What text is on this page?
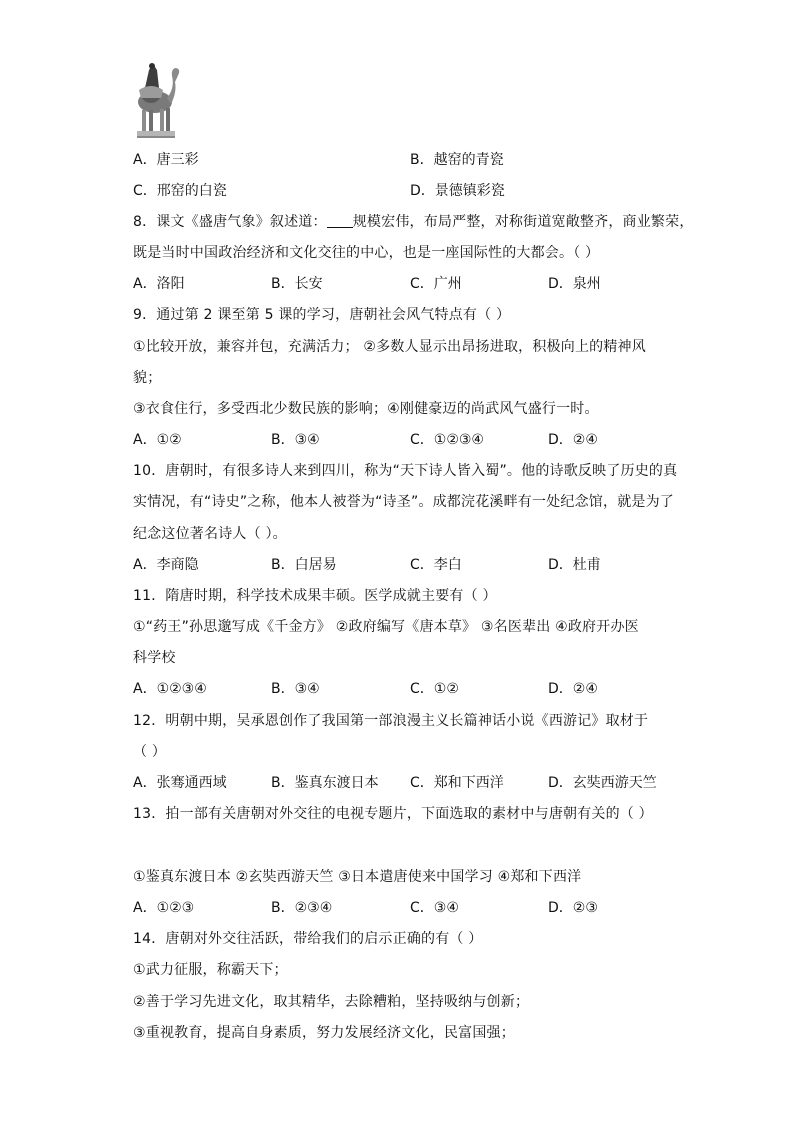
A．唐三彩	B．越窑的青瓷
C．邢窑的白瓷	D．景德镇彩瓷
8．课文《盛唐气象》叙述道： 规模宏伟，布局严整，对称街道宽敞整齐，商业繁荣，
既是当时中国政治经济和文化交往的中心，也是一座国际性的大都会。（ ）
A．洛阳	B．长安	C．广州	D．泉州
9．通过第 2 课至第 5 课的学习，唐朝社会风气特点有（ ）
①比较开放，兼容并包，充满活力； ②多数人显示出昂扬进取，积极向上的精神风
貌；
③衣食住行，多受西北少数民族的影响；④刚健豪迈的尚武风气盛行一时。
A．①②	B．③④	C．①②③④	D．②④
10．唐朝时，有很多诗人来到四川，称为“天下诗人皆入蜀”。他的诗歌反映了历史的真
实情况，有“诗史”之称，他本人被誉为“诗圣”。成都浣花溪畔有一处纪念馆，就是为了
纪念这位著名诗人（ ）。
A．李商隐	B．白居易	C．李白	D．杜甫
11．隋唐时期，科学技术成果丰硕。医学成就主要有（ ）
①“药王”孙思邈写成《千金方》 ②政府编写《唐本草》 ③名医辈出 ④政府开办医
科学校
A．①②③④	B．③④	C．①②	D．②④
12．明朝中期，吴承恩创作了我国第一部浪漫主义长篇神话小说《西游记》取材于
（ ）
A．张骞通西域	B．鉴真东渡日本 C．郑和下西洋	D．玄奘西游天竺
13．拍一部有关唐朝对外交往的电视专题片，下面选取的素材中与唐朝有关的（ ）
①鉴真东渡日本 ②玄奘西游天竺 ③日本遣唐使来中国学习 ④郑和下西洋
A．①②③	B．②③④	C．③④	D．②③
14．唐朝对外交往活跃，带给我们的启示正确的有（ ）
①武力征服，称霸天下；
②善于学习先进文化，取其精华，去除糟粕，坚持吸纳与创新；
③重视教育，提高自身素质，努力发展经济文化，民富国强；
